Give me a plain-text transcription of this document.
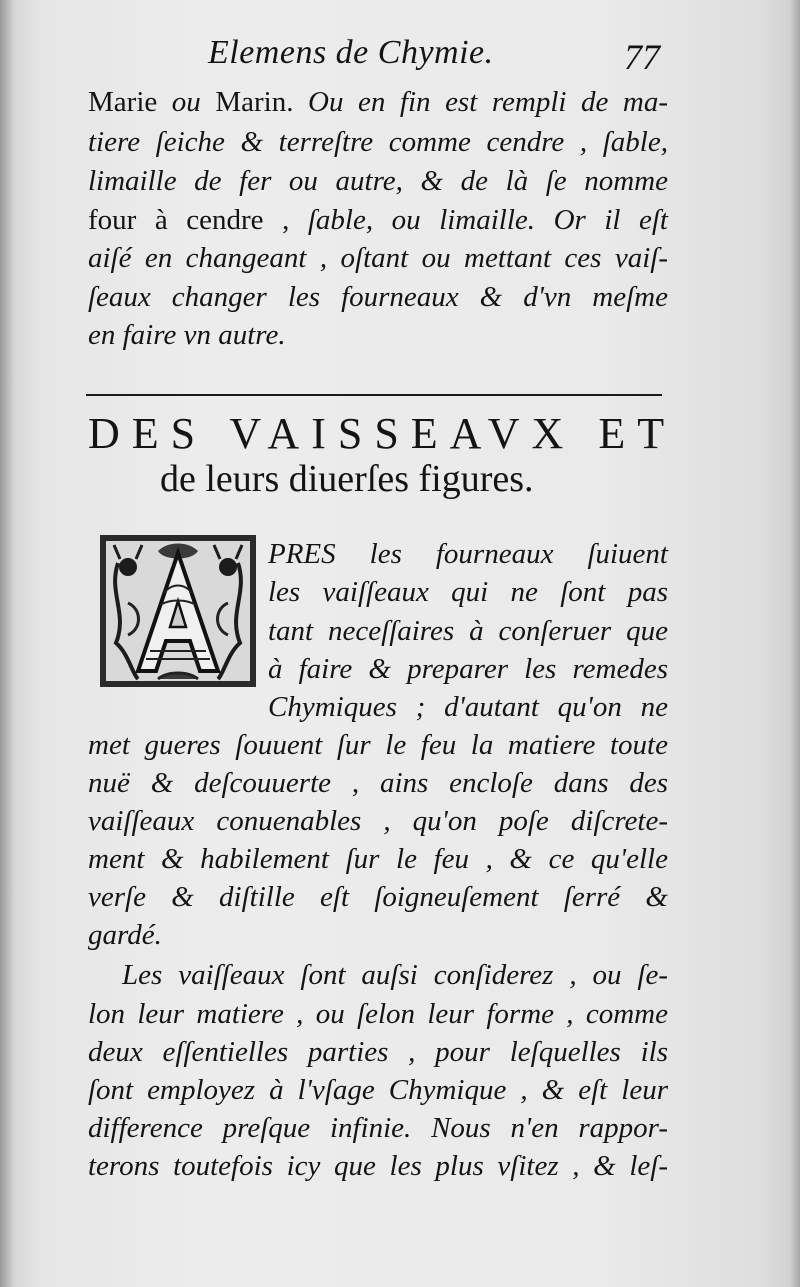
Elemens de Chymie.	77
Marie ou Marin. Ou en fin est rempli de ma-
tiere ſeiche & terreſtre comme cendre , ſable,
limaille de fer ou autre, & de là ſe nomme
four à cendre , ſable, ou limaille. Or il eſt
aiſé en changeant , oſtant ou mettant ces vaiſ-
ſeaux changer les fourneaux & d'vn meſme
en faire vn autre.
DES VAISSEAVX ET
de leurs diuerſes figures.
PRES les fourneaux ſuiuent
les vaiſſeaux qui ne ſont pas
tant neceſſaires à conſeruer que
à faire & preparer les remedes
Chymiques ; d'autant qu'on ne
met gueres ſouuent ſur le feu la matiere toute
nuë & deſcouuerte , ains encloſe dans des
vaiſſeaux conuenables , qu'on poſe diſcrete-
ment & habilement ſur le feu , & ce qu'elle
verſe & diſtille eſt ſoigneuſement ſerré &
gardé.
Les vaiſſeaux ſont auſsi conſiderez , ou ſe-
lon leur matiere , ou ſelon leur forme , comme
deux eſſentielles parties , pour leſquelles ils
ſont employez à l'vſage Chymique , & eſt leur
difference preſque infinie. Nous n'en rappor-
terons toutefois icy que les plus vſitez , & leſ-
